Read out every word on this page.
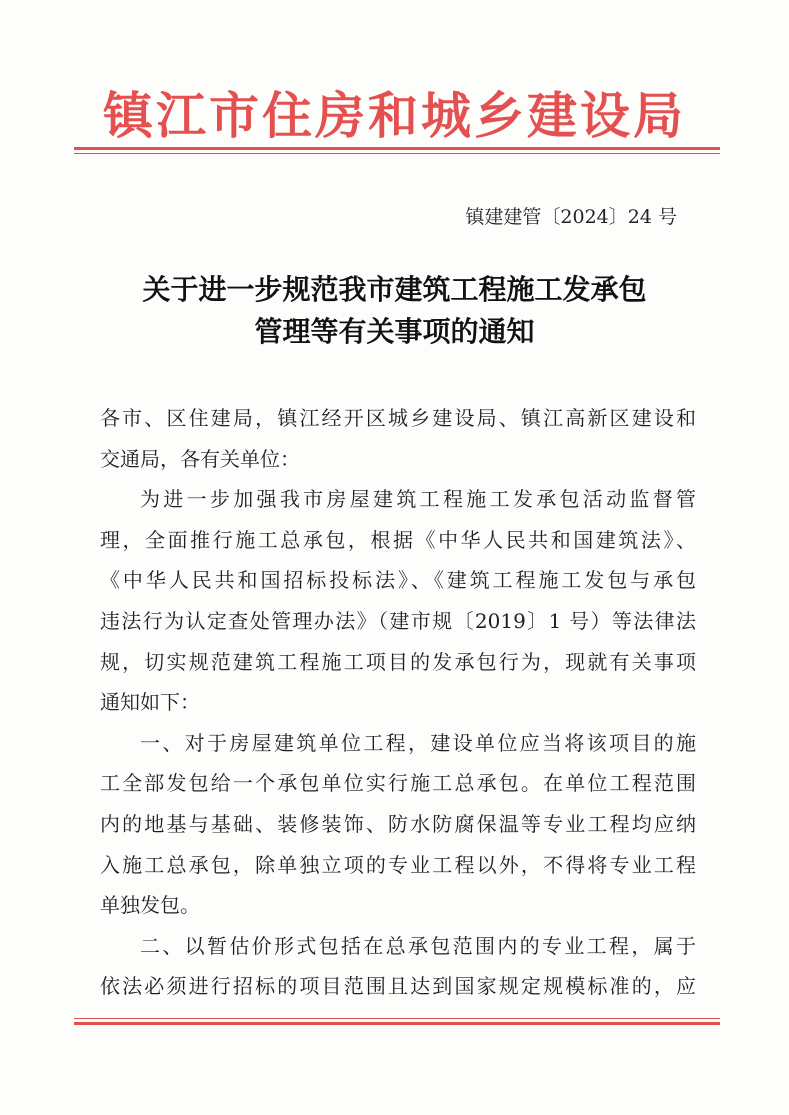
镇江市住房和城乡建设局
镇建建管〔2024〕24 号
关于进一步规范我市建筑工程施工发承包
管理等有关事项的通知
各市、区住建局，镇江经开区城乡建设局、镇江高新区建设和
交通局，各有关单位：
为进一步加强我市房屋建筑工程施工发承包活动监督管
理，全面推行施工总承包，根据《中华人民共和国建筑法》、
《中华人民共和国招标投标法》、《建筑工程施工发包与承包
违法行为认定查处管理办法》（建市规〔2019〕1 号）等法律法
规，切实规范建筑工程施工项目的发承包行为，现就有关事项
通知如下：
一、对于房屋建筑单位工程，建设单位应当将该项目的施
工全部发包给一个承包单位实行施工总承包。在单位工程范围
内的地基与基础、装修装饰、防水防腐保温等专业工程均应纳
入施工总承包，除单独立项的专业工程以外，不得将专业工程
单独发包。
二、以暂估价形式包括在总承包范围内的专业工程，属于
依法必须进行招标的项目范围且达到国家规定规模标准的，应
